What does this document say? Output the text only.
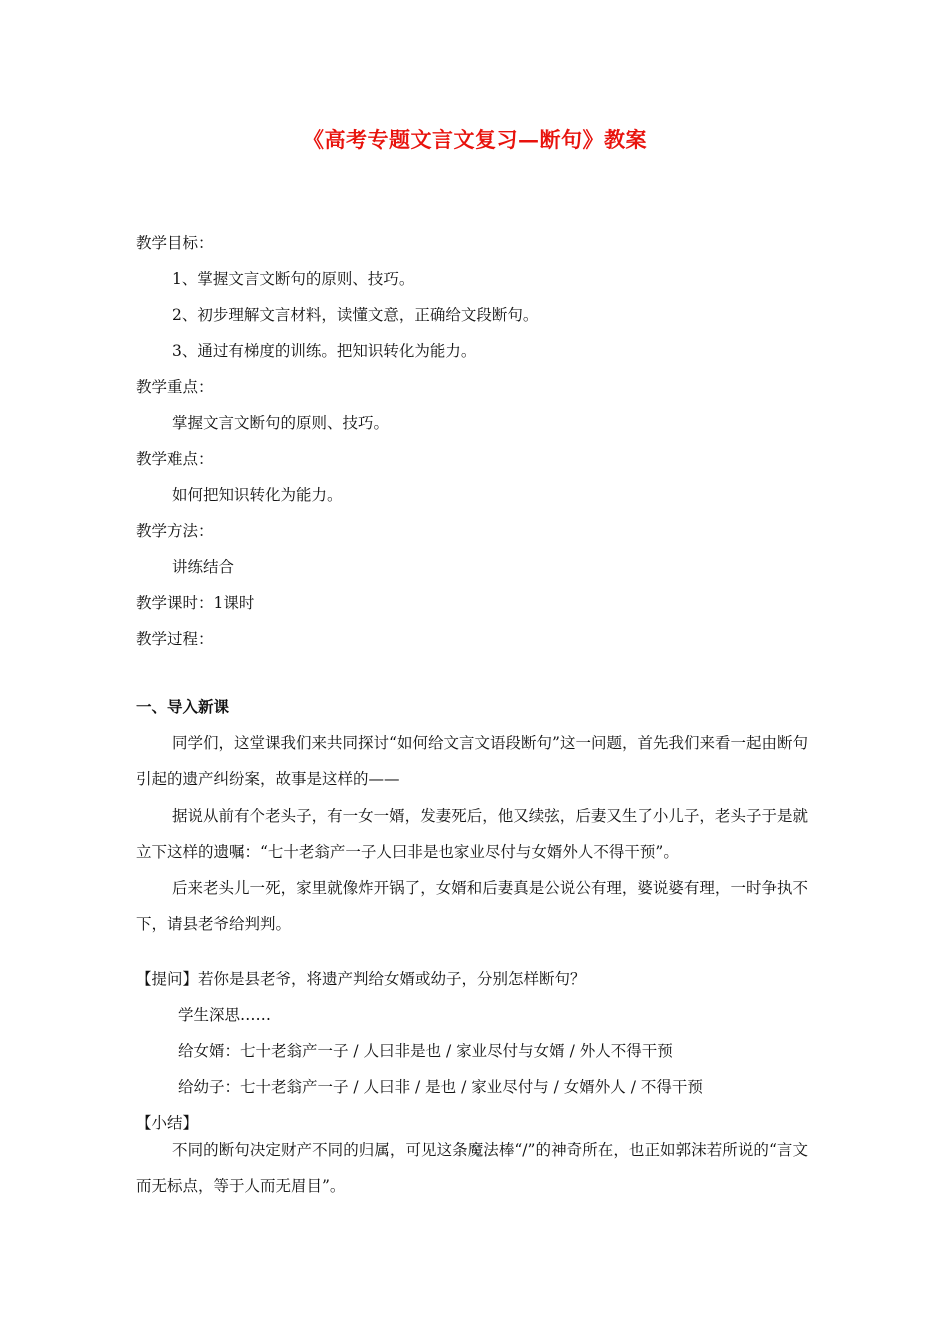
《高考专题文言文复习—断句》教案
教学目标：
1、掌握文言文断句的原则、技巧。
2、初步理解文言材料，读懂文意，正确给文段断句。
3、通过有梯度的训练。把知识转化为能力。
教学重点：
掌握文言文断句的原则、技巧。
教学难点：
如何把知识转化为能力。
教学方法：
讲练结合
教学课时：1课时
教学过程：
一、导入新课
同学们，这堂课我们来共同探讨“如何给文言文语段断句”这一问题，首先我们来看一起由断句引起的遗产纠纷案，故事是这样的——
据说从前有个老头子，有一女一婿，发妻死后，他又续弦，后妻又生了小儿子，老头子于是就立下这样的遗嘱：“七十老翁产一子人曰非是也家业尽付与女婿外人不得干预”。
后来老头儿一死，家里就像炸开锅了，女婿和后妻真是公说公有理，婆说婆有理，一时争执不下，请县老爷给判判。
【提问】若你是县老爷，将遗产判给女婿或幼子，分别怎样断句？
学生深思……
给女婿：七十老翁产一子 / 人曰非是也 / 家业尽付与女婿 / 外人不得干预
给幼子：七十老翁产一子 / 人曰非 / 是也 / 家业尽付与 / 女婿外人 / 不得干预
【小结】
不同的断句决定财产不同的归属，可见这条魔法棒“/”的神奇所在，也正如郭沫若所说的“言文而无标点，等于人而无眉目”。
